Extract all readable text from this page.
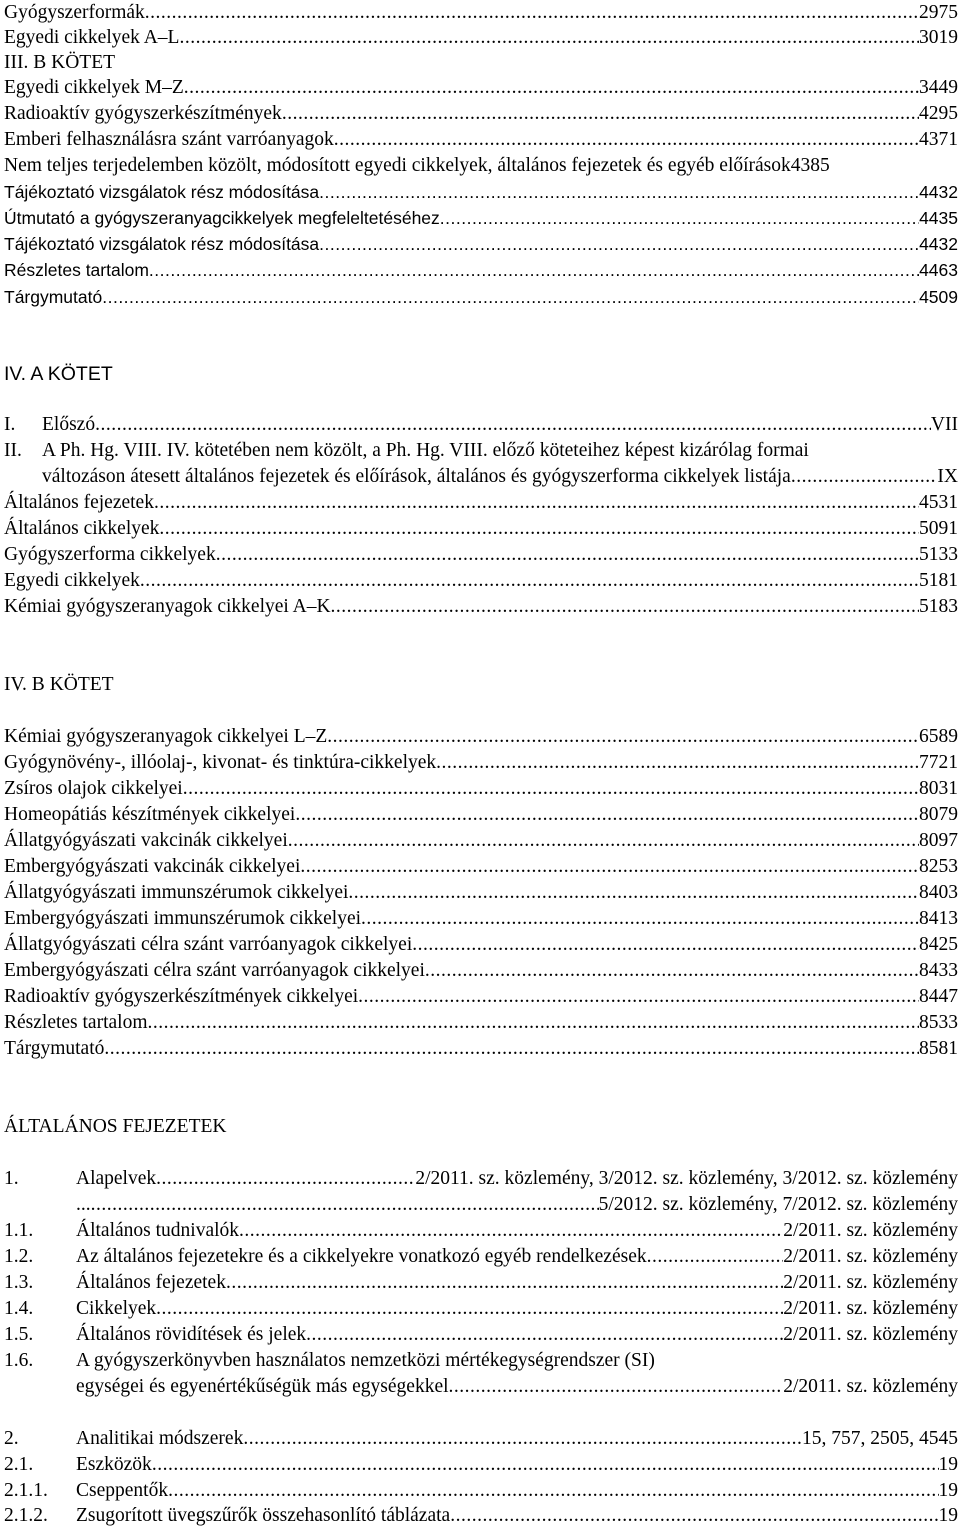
Gyógyszerformák .....	2975
Egyedi cikkelyek A–L .....	3019
III. B KÖTET
Egyedi cikkelyek M–Z .....	3449
Radioaktív gyógyszerkészítmények .....	4295
Emberi felhasználásra szánt varróanyagok .....	4371
Nem teljes terjedelemben közölt, módosított egyedi cikkelyek, általános fejezetek és egyéb előírások 4385
Tájékoztató vizsgálatok rész módosítása .....	4432
Útmutató a gyógyszeranyagcikkelyek megfeleltetéséhez .....	4435
Tájékoztató vizsgálatok rész módosítása .....	4432
Részletes tartalom .....	4463
Tárgymutató .....	4509
IV. A KÖTET
I. Előszó .....	VII
II. A Ph. Hg. VIII. IV. kötetében nem közölt, a Ph. Hg. VIII. előző köteteihez képest kizárólag formai
változáson átesett általános fejezetek és előírások, általános és gyógyszerforma cikkelyek listája .....	IX
Általános fejezetek .....	4531
Általános cikkelyek .....	5091
Gyógyszerforma cikkelyek .....	5133
Egyedi cikkelyek .....	5181
Kémiai gyógyszeranyagok cikkelyei A–K .....	5183
IV. B KÖTET
Kémiai gyógyszeranyagok cikkelyei L–Z .....	6589
Gyógynövény-, illóolaj-, kivonat- és tinktúra-cikkelyek .....	7721
Zsíros olajok cikkelyei .....	8031
Homeopátiás készítmények cikkelyei .....	8079
Állatgyógyászati vakcinák cikkelyei .....	8097
Embergyógyászati vakcinák cikkelyei .....	8253
Állatgyógyászati immunszérumok cikkelyei .....	8403
Embergyógyászati immunszérumok cikkelyei .....	8413
Állatgyógyászati célra szánt varróanyagok cikkelyei .....	8425
Embergyógyászati célra szánt varróanyagok cikkelyei .....	8433
Radioaktív gyógyszerkészítmények cikkelyei .....	8447
Részletes tartalom .....	8533
Tárgymutató .....	8581
ÁLTALÁNOS FEJEZETEK
1.	Alapelvek .....	2/2011. sz. közlemény, 3/2012. sz. közlemény, 3/2012. sz. közlemény
... .....	5/2012. sz. közlemény, 7/2012. sz. közlemény
1.1. Általános tudnivalók .....	2/2011. sz. közlemény
1.2. Az általános fejezetekre és a cikkelyekre vonatkozó egyéb rendelkezések .....	2/2011. sz. közlemény
1.3. Általános fejezetek .....	2/2011. sz. közlemény
1.4. Cikkelyek .....	2/2011. sz. közlemény
1.5. Általános rövidítések és jelek .....	2/2011. sz. közlemény
1.6. A gyógyszerkönyvben használatos nemzetközi mértékegységrendszer (SI)
egységei és egyenértékűségük más egységekkel .....	2/2011. sz. közlemény
2.	Analitikai módszerek .....	15, 757, 2505, 4545
2.1. Eszközök .....	19
2.1.1. Cseppentők .....	19
2.1.2. Zsugorított üvegszűrők összehasonlító táblázata .....	19
